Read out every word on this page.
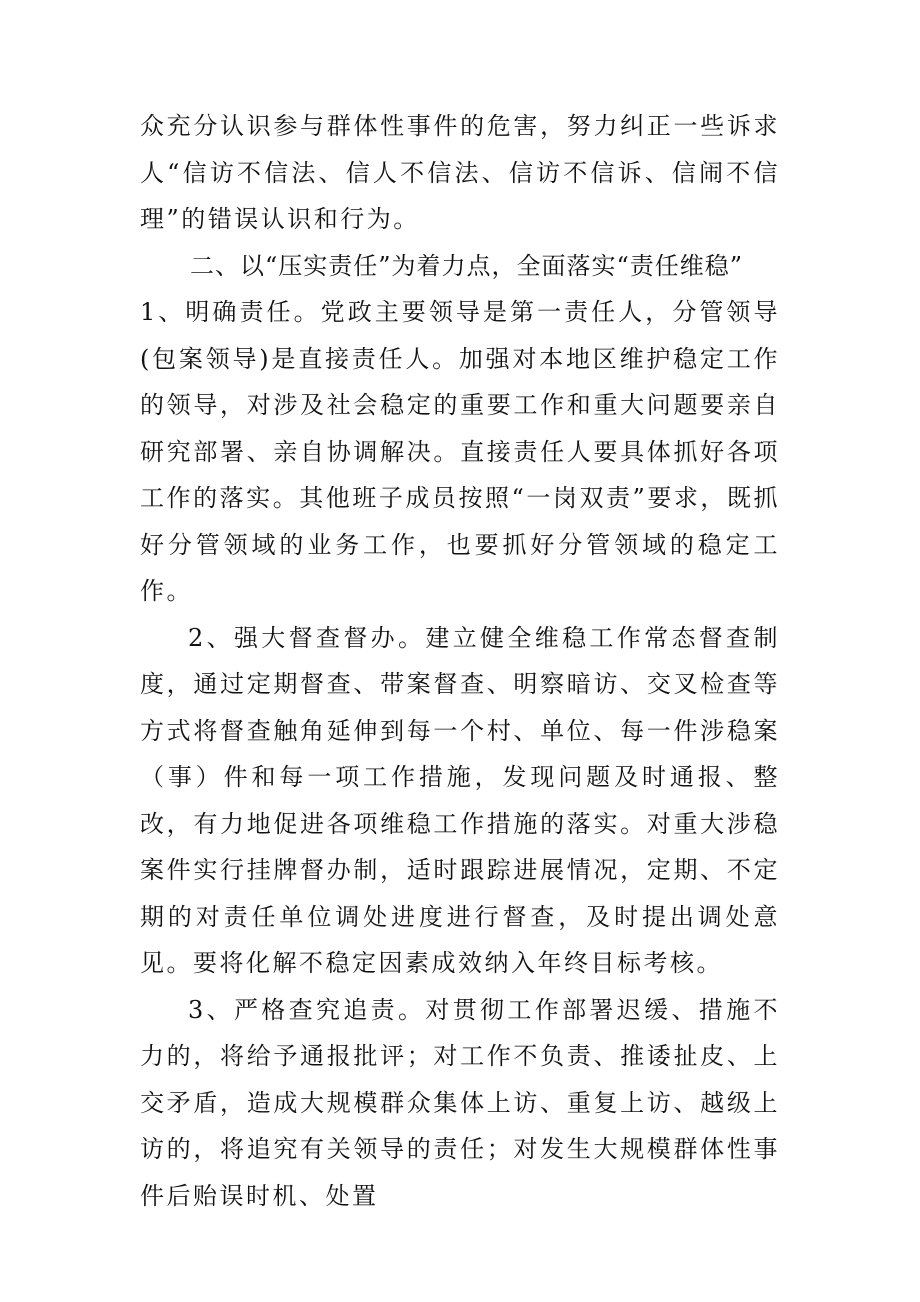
众充分认识参与群体性事件的危害，努力纠正一些诉求人“信访不信法、信人不信法、信访不信诉、信闹不信理”的错误认识和行为。

二、以“压实责任”为着力点，全面落实“责任维稳”

1、明确责任。党政主要领导是第一责任人，分管领导(包案领导)是直接责任人。加强对本地区维护稳定工作的领导，对涉及社会稳定的重要工作和重大问题要亲自研究部署、亲自协调解决。直接责任人要具体抓好各项工作的落实。其他班子成员按照“一岗双责”要求，既抓好分管领域的业务工作，也要抓好分管领域的稳定工作。

2、强大督查督办。建立健全维稳工作常态督查制度，通过定期督查、带案督查、明察暗访、交叉检查等方式将督查触角延伸到每一个村、单位、每一件涉稳案（事）件和每一项工作措施，发现问题及时通报、整改，有力地促进各项维稳工作措施的落实。对重大涉稳案件实行挂牌督办制，适时跟踪进展情况，定期、不定期的对责任单位调处进度进行督查，及时提出调处意见。要将化解不稳定因素成效纳入年终目标考核。

3、严格查究追责。对贯彻工作部署迟缓、措施不力的，将给予通报批评；对工作不负责、推诿扯皮、上交矛盾，造成大规模群众集体上访、重复上访、越级上访的，将追究有关领导的责任；对发生大规模群体性事件后贻误时机、处置
